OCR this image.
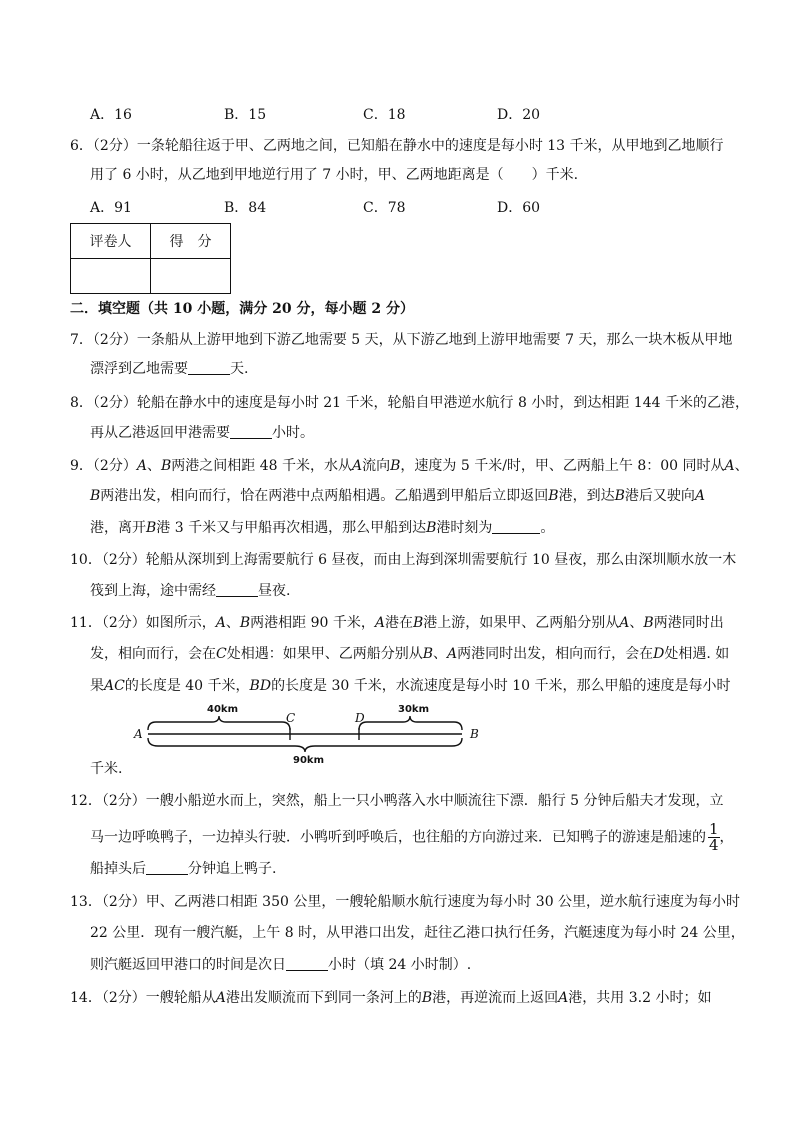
A．16	B．15	C．18	D．20
6．（2分）一条轮船往返于甲、乙两地之间，已知船在静水中的速度是每小时 13 千米，从甲地到乙地顺行
用了 6 小时，从乙地到甲地逆行用了 7 小时，甲、乙两地距离是（　　）千米.
A．91	B．84	C．78	D．60
评卷人	得　分

二．填空题（共 10 小题，满分 20 分，每小题 2 分）
7．（2分）一条船从上游甲地到下游乙地需要 5 天，从下游乙地到上游甲地需要 7 天，那么一块木板从甲地
漂浮到乙地需要	天.
8．（2分）轮船在静水中的速度是每小时 21 千米，轮船自甲港逆水航行 8 小时，到达相距 144 千米的乙港，
再从乙港返回甲港需要	小时。
9．（2分）A、B两港之间相距 48 千米，水从A流向B，速度为 5 千米/时，甲、乙两船上午 8：00 同时从A、
B两港出发，相向而行，恰在两港中点两船相遇。乙船遇到甲船后立即返回B港，到达B港后又驶向A
港，离开B港 3 千米又与甲船再次相遇，那么甲船到达B港时刻为	。
10．（2分）轮船从深圳到上海需要航行 6 昼夜，而由上海到深圳需要航行 10 昼夜，那么由深圳顺水放一木
筏到上海，途中需经	昼夜.
11．（2分）如图所示，A、B两港相距 90 千米，A港在B港上游，如果甲、乙两船分别从A、B两港同时出
发，相向而行，会在C处相遇：如果甲、乙两船分别从B、A两港同时出发，相向而行，会在D处相遇. 如
果AC的长度是 40 千米，BD的长度是 30 千米，水流速度是每小时 10 千米，那么甲船的速度是每小时
40km	30km
90km
A	B
C	D
千米.
12．（2分）一艘小船逆水而上，突然，船上一只小鸭落入水中顺流往下漂．船行 5 分钟后船夫才发现，立
马一边呼唤鸭子，一边掉头行驶．小鸭听到呼唤后，也往船的方向游过来．已知鸭子的游速是船速的 $\frac{1}{4}$ ，
船掉头后	分钟追上鸭子.
13．（2分）甲、乙两港口相距 350 公里，一艘轮船顺水航行速度为每小时 30 公里，逆水航行速度为每小时
22 公里．现有一艘汽艇，上午 8 时，从甲港口出发，赶往乙港口执行任务，汽艇速度为每小时 24 公里，
则汽艇返回甲港口的时间是次日	小时（填 24 小时制）.
14．（2分）一艘轮船从A港出发顺流而下到同一条河上的B港，再逆流而上返回A港，共用 3.2 小时；如
